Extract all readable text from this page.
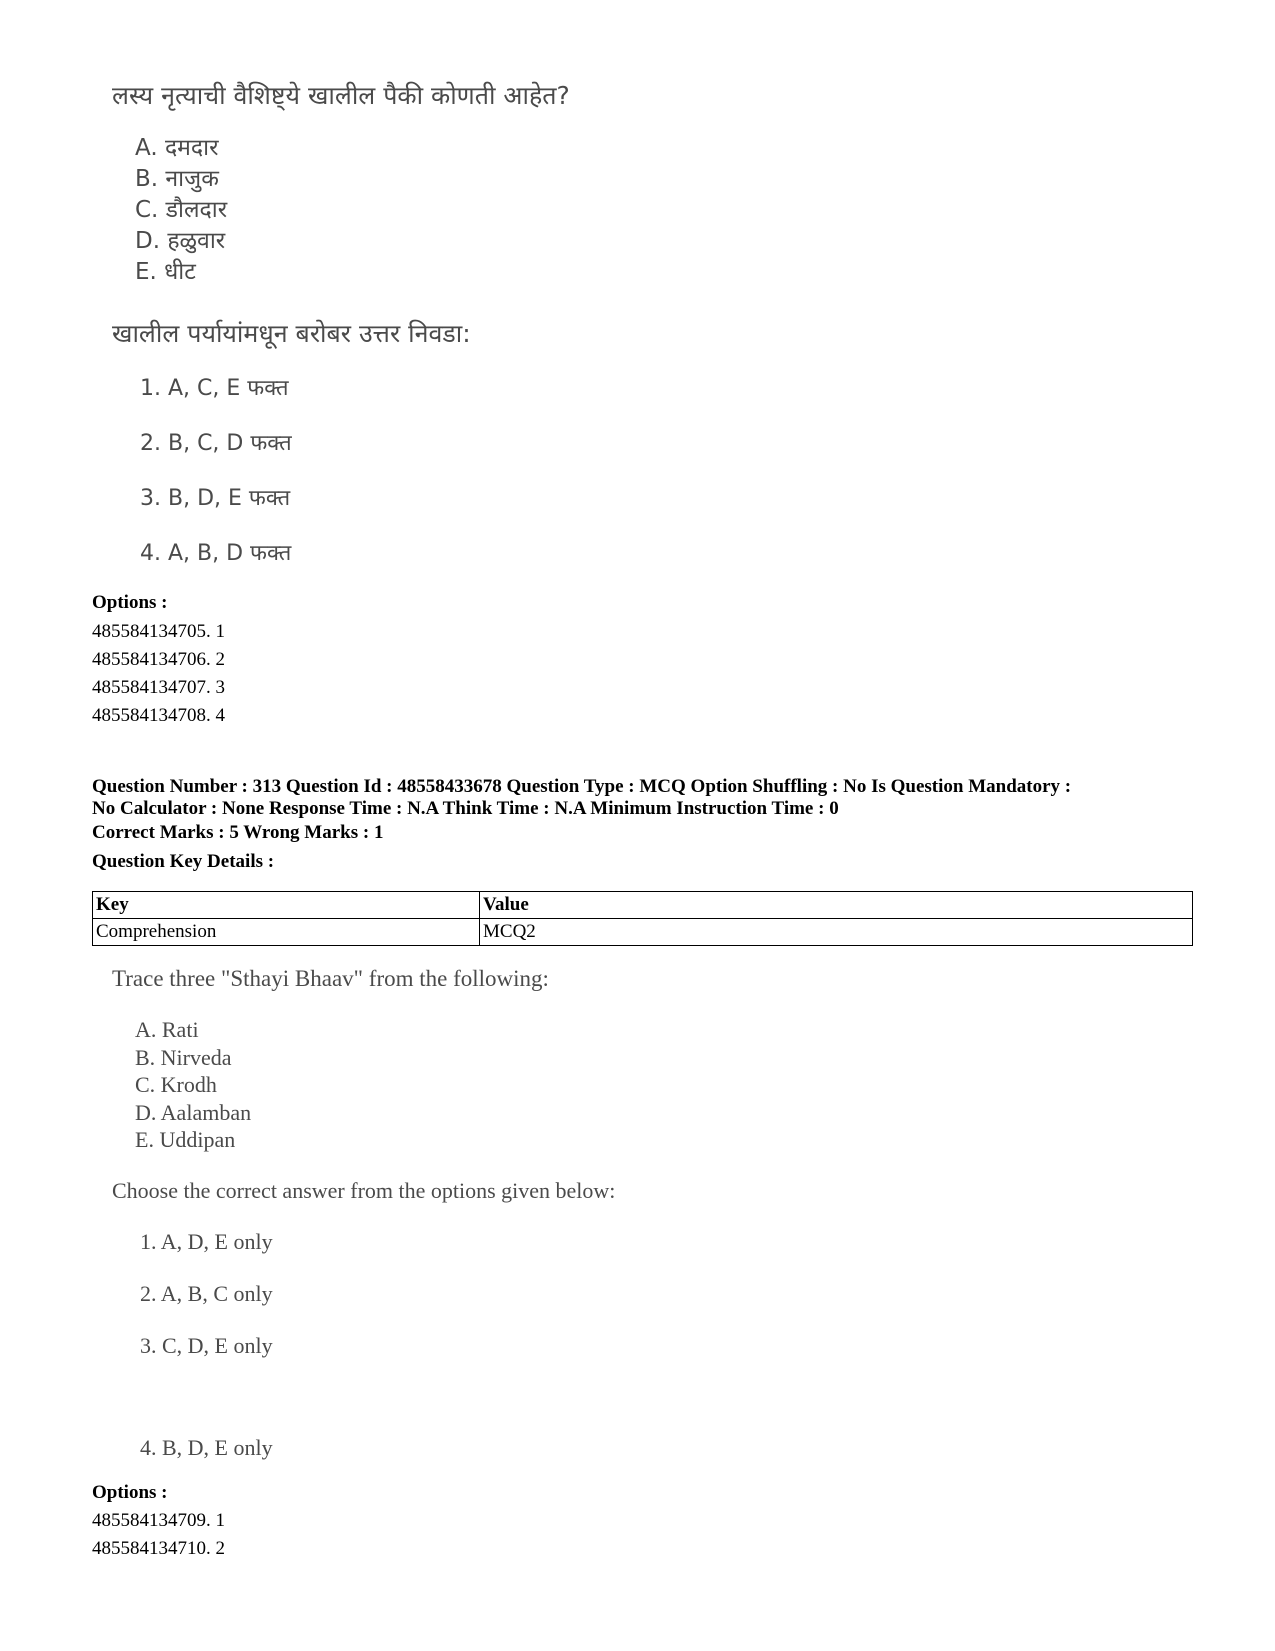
लस्य नृत्याची वैशिष्ट्ये खालील पैकी कोणती आहेत?
A. दमदार
B. नाजुक
C. डौलदार
D. हळुवार
E. धीट
खालील पर्यायांमधून बरोबर उत्तर निवडा:
1. A, C, E फक्त
2. B, C, D फक्त
3. B, D, E फक्त
4. A, B, D फक्त
Options :
485584134705. 1
485584134706. 2
485584134707. 3
485584134708. 4
Question Number : 313 Question Id : 48558433678 Question Type : MCQ Option Shuffling : No Is Question Mandatory :
No Calculator : None Response Time : N.A Think Time : N.A Minimum Instruction Time : 0
Correct Marks : 5 Wrong Marks : 1
Question Key Details :
Key	Value
Comprehension	MCQ2
Trace three "Sthayi Bhaav" from the following:
A. Rati
B. Nirveda
C. Krodh
D. Aalamban
E. Uddipan
Choose the correct answer from the options given below:
1. A, D, E only
2. A, B, C only
3. C, D, E only
4. B, D, E only
Options :
485584134709. 1
485584134710. 2
